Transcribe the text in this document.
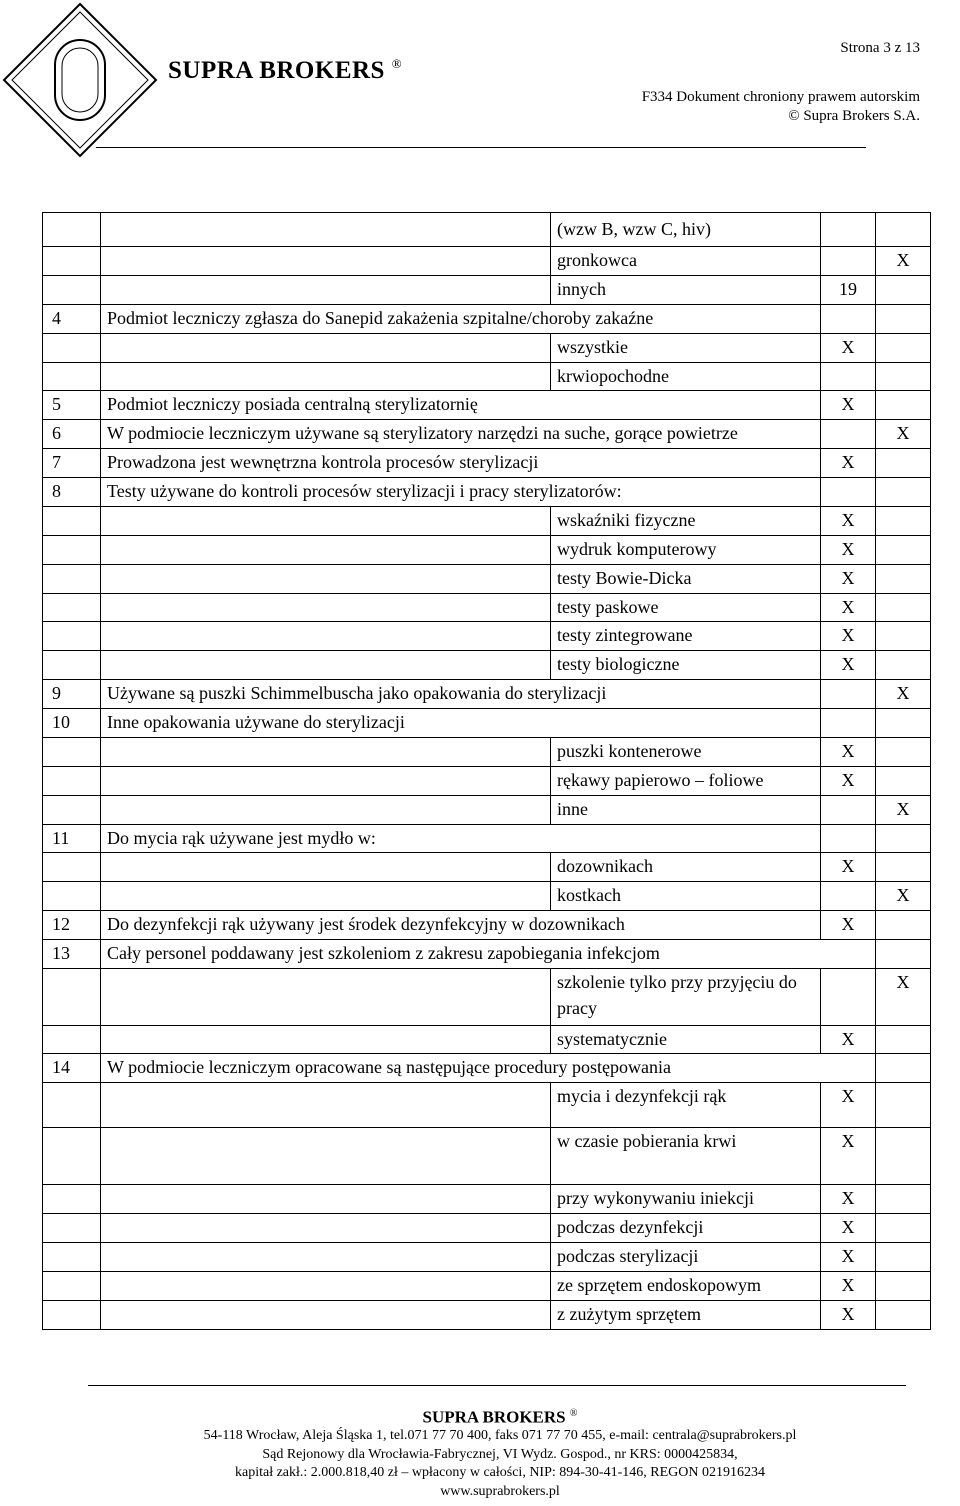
SUPRA BROKERS ®
Strona 3 z 13
F334 Dokument chroniony prawem autorskim
© Supra Brokers S.A.
		(wzw B, wzw C, hiv)		
		gronkowca		X
		innych	19	
4	Podmiot leczniczy zgłasza do Sanepid zakażenia szpitalne/choroby zakaźne			
		wszystkie	X	
		krwiopochodne		
5	Podmiot leczniczy posiada centralną sterylizatornię		X	
6	W podmiocie leczniczym używane są sterylizatory narzędzi na suche, gorące powietrze			X
7	Prowadzona jest wewnętrzna kontrola procesów sterylizacji		X	
8	Testy używane do kontroli procesów sterylizacji i pracy sterylizatorów:			
		wskaźniki fizyczne	X	
		wydruk komputerowy	X	
		testy Bowie-Dicka	X	
		testy paskowe	X	
		testy zintegrowane	X	
		testy biologiczne	X	
9	Używane są puszki Schimmelbuscha jako opakowania do sterylizacji			X
10	Inne opakowania używane do sterylizacji			
		puszki kontenerowe	X	
		rękawy papierowo – foliowe	X	
		inne		X
11	Do mycia rąk używane jest mydło w:			
		dozownikach	X	
		kostkach		X
12	Do dezynfekcji rąk używany jest środek dezynfekcyjny w dozownikach		X	
13	Cały personel poddawany jest szkoleniom z zakresu zapobiegania infekcjom			
		szkolenie tylko przy przyjęciu do pracy		X
		systematycznie	X	
14	W podmiocie leczniczym opracowane są następujące procedury postępowania			
		mycia i dezynfekcji rąk	X	
		w czasie pobierania krwi	X	
		przy wykonywaniu iniekcji	X	
		podczas dezynfekcji	X	
		podczas sterylizacji	X	
		ze sprzętem endoskopowym	X	
		z zużytym sprzętem	X	
SUPRA BROKERS ®
54-118 Wrocław, Aleja Śląska 1, tel.071 77 70 400, faks 071 77 70 455, e-mail: centrala@suprabrokers.pl
Sąd Rejonowy dla Wrocławia-Fabrycznej, VI Wydz. Gospod., nr KRS: 0000425834,
kapitał zakł.: 2.000.818,40 zł – wpłacony w całości, NIP: 894-30-41-146, REGON 021916234
www.suprabrokers.pl
